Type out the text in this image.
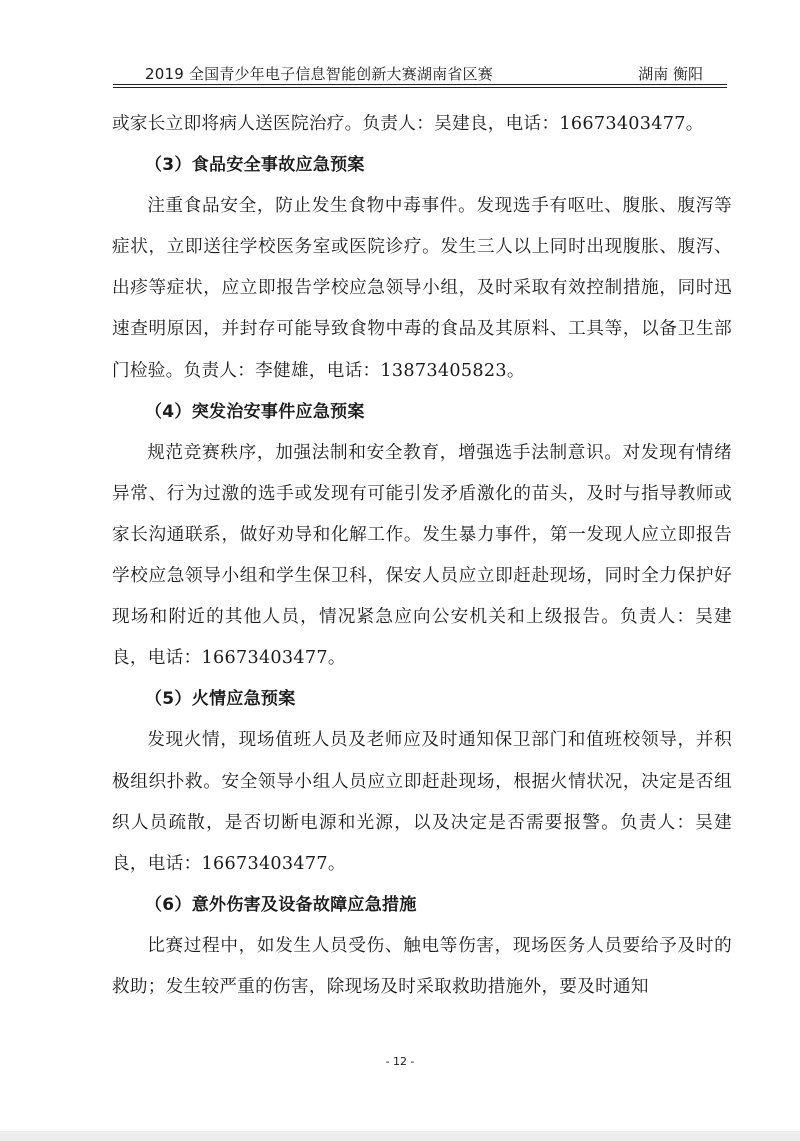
2019 全国青少年电子信息智能创新大赛湖南省区赛	湖南 衡阳

或家长立即将病人送医院治疗。负责人：吴建良，电话：16673403477。

（3）食品安全事故应急预案

注重食品安全，防止发生食物中毒事件。发现选手有呕吐、腹胀、腹泻等症状，立即送往学校医务室或医院诊疗。发生三人以上同时出现腹胀、腹泻、出疹等症状，应立即报告学校应急领导小组，及时采取有效控制措施，同时迅速查明原因，并封存可能导致食物中毒的食品及其原料、工具等，以备卫生部门检验。负责人：李健雄，电话：13873405823。

（4）突发治安事件应急预案

规范竞赛秩序，加强法制和安全教育，增强选手法制意识。对发现有情绪异常、行为过激的选手或发现有可能引发矛盾激化的苗头，及时与指导教师或家长沟通联系，做好劝导和化解工作。发生暴力事件，第一发现人应立即报告学校应急领导小组和学生保卫科，保安人员应立即赶赴现场，同时全力保护好现场和附近的其他人员，情况紧急应向公安机关和上级报告。负责人：吴建良，电话：16673403477。

（5）火情应急预案

发现火情，现场值班人员及老师应及时通知保卫部门和值班校领导，并积极组织扑救。安全领导小组人员应立即赶赴现场，根据火情状况，决定是否组织人员疏散，是否切断电源和光源，以及决定是否需要报警。负责人：吴建良，电话：16673403477。

（6）意外伤害及设备故障应急措施

比赛过程中，如发生人员受伤、触电等伤害，现场医务人员要给予及时的救助；发生较严重的伤害，除现场及时采取救助措施外，要及时通知

- 12 -
